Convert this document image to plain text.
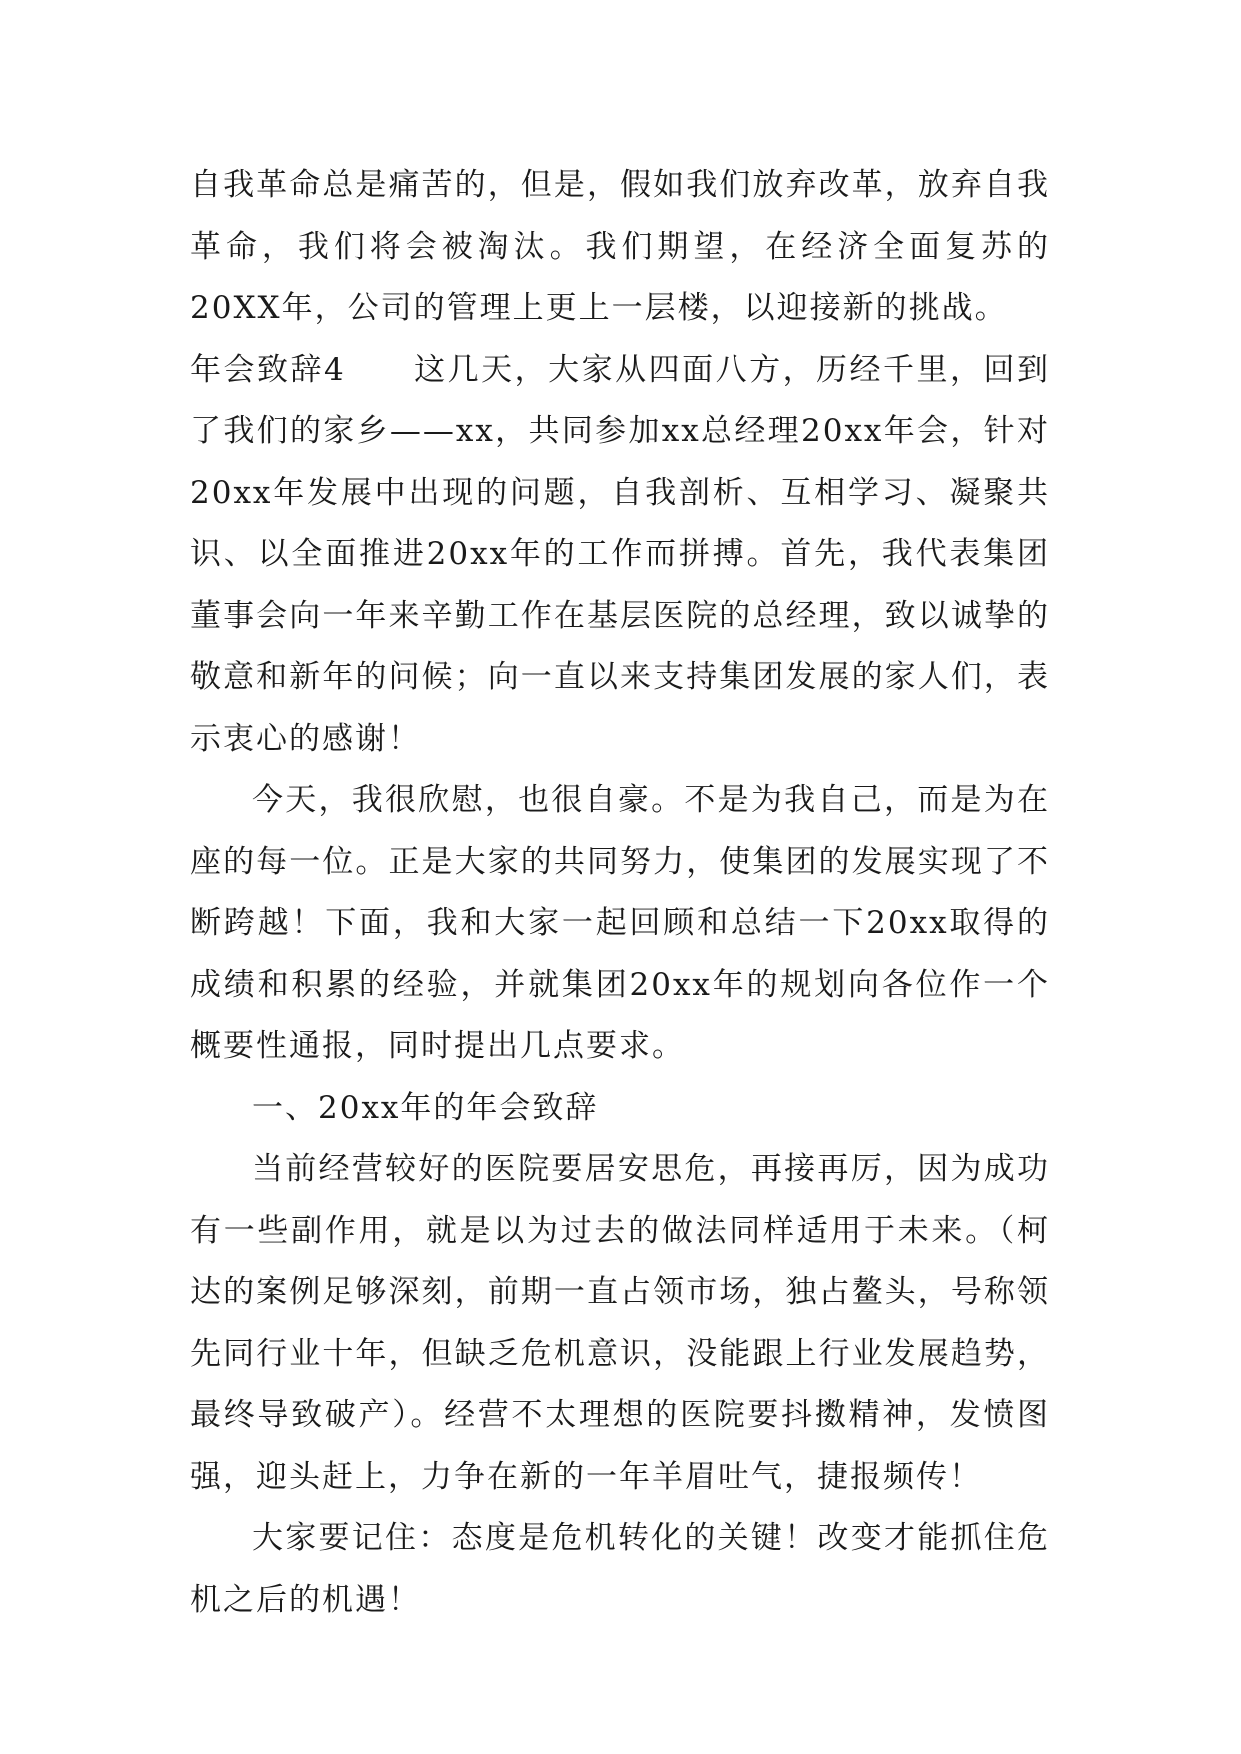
自我革命总是痛苦的，但是，假如我们放弃改革，放弃自我革命，我们将会被淘汰。我们期望，在经济全面复苏的20XX年，公司的管理上更上一层楼，以迎接新的挑战。

年会致辞4 这几天，大家从四面八方，历经千里，回到了我们的家乡——xx，共同参加xx总经理20xx年会，针对20xx年发展中出现的问题，自我剖析、互相学习、凝聚共识、以全面推进20xx年的工作而拼搏。首先，我代表集团董事会向一年来辛勤工作在基层医院的总经理，致以诚挚的敬意和新年的问候；向一直以来支持集团发展的家人们，表示衷心的感谢！

今天，我很欣慰，也很自豪。不是为我自己，而是为在座的每一位。正是大家的共同努力，使集团的发展实现了不断跨越！下面，我和大家一起回顾和总结一下20xx取得的成绩和积累的经验，并就集团20xx年的规划向各位作一个概要性通报，同时提出几点要求。

一、20xx年的年会致辞

当前经营较好的医院要居安思危，再接再厉，因为成功有一些副作用，就是以为过去的做法同样适用于未来。（柯达的案例足够深刻，前期一直占领市场，独占鳌头，号称领先同行业十年，但缺乏危机意识，没能跟上行业发展趋势，最终导致破产）。经营不太理想的医院要抖擞精神，发愤图强，迎头赶上，力争在新的一年羊眉吐气，捷报频传！

大家要记住：态度是危机转化的关键！改变才能抓住危机之后的机遇！
